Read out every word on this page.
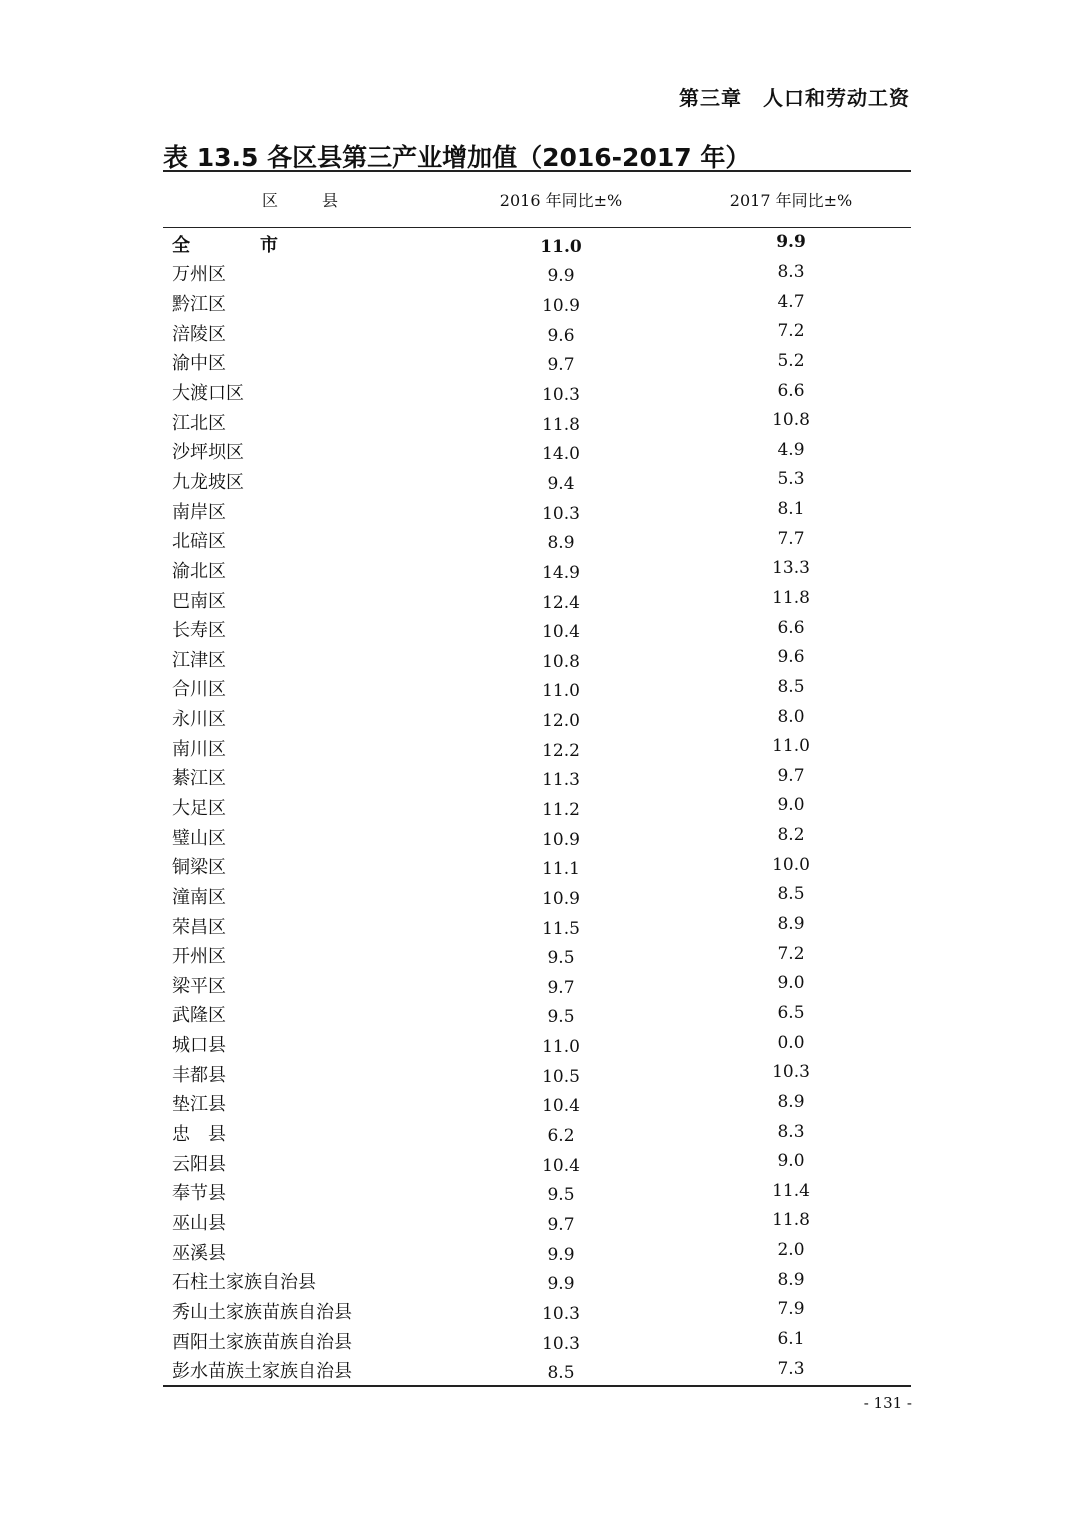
第三章　人口和劳动工资
表 13.5 各区县第三产业增加值（2016-2017 年）
区　县	2016 年同比±%	2017 年同比±%
全　市	11.0	9.9
万州区	9.9	8.3
黔江区	10.9	4.7
涪陵区	9.6	7.2
渝中区	9.7	5.2
大渡口区	10.3	6.6
江北区	11.8	10.8
沙坪坝区	14.0	4.9
九龙坡区	9.4	5.3
南岸区	10.3	8.1
北碚区	8.9	7.7
渝北区	14.9	13.3
巴南区	12.4	11.8
长寿区	10.4	6.6
江津区	10.8	9.6
合川区	11.0	8.5
永川区	12.0	8.0
南川区	12.2	11.0
綦江区	11.3	9.7
大足区	11.2	9.0
璧山区	10.9	8.2
铜梁区	11.1	10.0
潼南区	10.9	8.5
荣昌区	11.5	8.9
开州区	9.5	7.2
梁平区	9.7	9.0
武隆区	9.5	6.5
城口县	11.0	0.0
丰都县	10.5	10.3
垫江县	10.4	8.9
忠　县	6.2	8.3
云阳县	10.4	9.0
奉节县	9.5	11.4
巫山县	9.7	11.8
巫溪县	9.9	2.0
石柱土家族自治县	9.9	8.9
秀山土家族苗族自治县	10.3	7.9
酉阳土家族苗族自治县	10.3	6.1
彭水苗族土家族自治县	8.5	7.3
- 131 -
